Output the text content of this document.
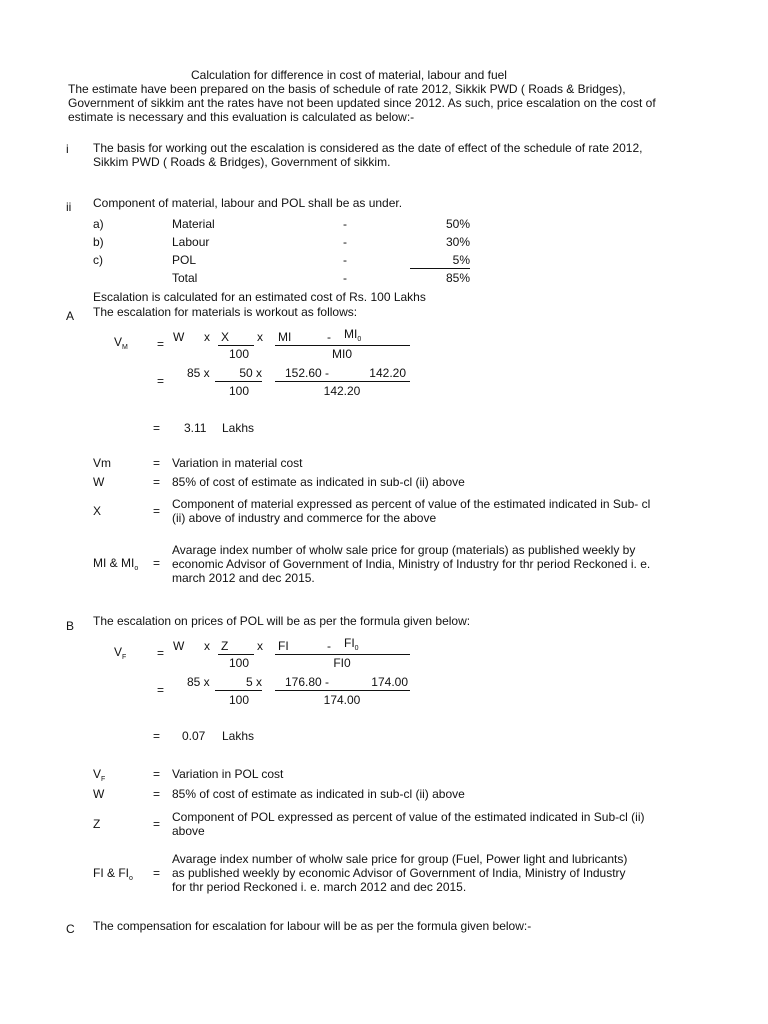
Calculation for difference in cost of material, labour and fuel
The estimate have been prepared on the basis of schedule of rate 2012, Sikkik PWD ( Roads & Bridges), Government of sikkim ant the rates have not been updated since 2012. As such, price escalation on the cost of estimate is necessary and this evaluation is calculated as below:-
i The basis for working out the escalation is considered as the date of effect of the schedule of rate 2012, Sikkim PWD ( Roads & Bridges), Government of sikkim.
ii Component of material, labour and POL shall be as under.
a)	Material	-	50%
b)	Labour	-	30%
c)	POL	-	5%
Total	-	85%
Escalation is calculated for an estimated cost of Rs. 100 Lakhs
A The escalation for materials is workout as follows:
$V_M = W$ x X x MI	- $MI_0$
100	MI0
=
85 x	50 x 152.60 -	142.20
100	142.20
= 3.11 Lakhs
Vm	= Variation in material cost
W	= 85% of cost of estimate as indicated in sub-cl (ii) above
X	= Component of material expressed as percent of value of the estimated indicated in Sub- cl (ii) above of industry and commerce for the above
MI & $MI_o$ =
Avarage index number of wholw sale price for group (materials) as published weekly by economic Advisor of Government of India, Ministry of Industry for thr period Reckoned i. e. march 2012 and dec 2015.
B The escalation on prices of POL will be as per the formula given below:
$V_F$	= W x Z x FI	- $FI_0$
100	FI0
=
85 x	5 x 176.80 -	174.00
100	174.00
= 0.07 Lakhs
$V_F$	= Variation in POL cost
W	= 85% of cost of estimate as indicated in sub-cl (ii) above
Z	= Component of POL expressed as percent of value of the estimated indicated in Sub-cl (ii) above
FI & $FI_o$ =
Avarage index number of wholw sale price for group (Fuel, Power light and lubricants) as published weekly by economic Advisor of Government of India, Ministry of Industry for thr period Reckoned i. e. march 2012 and dec 2015.
C The compensation for escalation for labour will be as per the formula given below:-
